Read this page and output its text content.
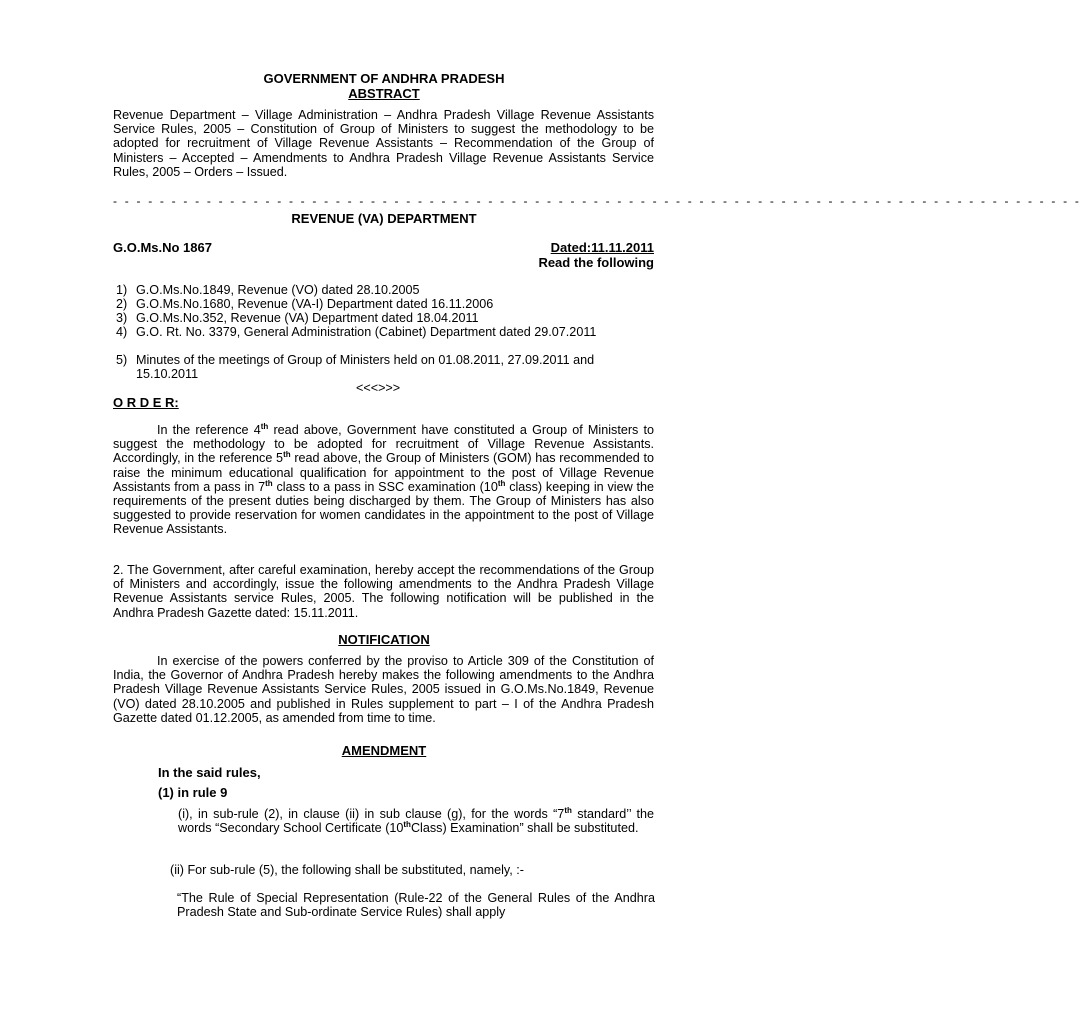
GOVERNMENT OF ANDHRA PRADESH
ABSTRACT
Revenue Department – Village Administration – Andhra Pradesh Village Revenue Assistants Service Rules, 2005 – Constitution of Group of Ministers to suggest the methodology to be adopted for recruitment of Village Revenue Assistants – Recommendation of the Group of Ministers – Accepted – Amendments to Andhra Pradesh Village Revenue Assistants Service Rules, 2005 – Orders – Issued.
- - - - - - - - - - - - - - - - - - - - - - - - - - - - - - - - - - - - - - - - - - - - - - - - - - - - - - - - - - - - - - - - - - - - - - - - - - - - - - - - - - -
REVENUE (VA) DEPARTMENT
G.O.Ms.No 1867	Dated:11.11.2011
Read the following
1) G.O.Ms.No.1849, Revenue (VO) dated 28.10.2005
2) G.O.Ms.No.1680, Revenue (VA-I) Department dated 16.11.2006
3) G.O.Ms.No.352, Revenue (VA) Department dated 18.04.2011
4) G.O. Rt. No. 3379, General Administration (Cabinet) Department dated 29.07.2011
5) Minutes of the meetings of Group of Ministers held on 01.08.2011, 27.09.2011 and 15.10.2011
<<<>>>
O R D E R:
In the reference 4th read above, Government have constituted a Group of Ministers to suggest the methodology to be adopted for recruitment of Village Revenue Assistants. Accordingly, in the reference 5th read above, the Group of Ministers (GOM) has recommended to raise the minimum educational qualification for appointment to the post of Village Revenue Assistants from a pass in 7th class to a pass in SSC examination (10th class) keeping in view the requirements of the present duties being discharged by them. The Group of Ministers has also suggested to provide reservation for women candidates in the appointment to the post of Village Revenue Assistants.
2. The Government, after careful examination, hereby accept the recommendations of the Group of Ministers and accordingly, issue the following amendments to the Andhra Pradesh Village Revenue Assistants service Rules, 2005. The following notification will be published in the Andhra Pradesh Gazette dated: 15.11.2011.
NOTIFICATION
In exercise of the powers conferred by the proviso to Article 309 of the Constitution of India, the Governor of Andhra Pradesh hereby makes the following amendments to the Andhra Pradesh Village Revenue Assistants Service Rules, 2005 issued in G.O.Ms.No.1849, Revenue (VO) dated 28.10.2005 and published in Rules supplement to part – I of the Andhra Pradesh Gazette dated 01.12.2005, as amended from time to time.
AMENDMENT
In the said rules,
(1) in rule 9
(i), in sub-rule (2), in clause (ii) in sub clause (g), for the words “7th standard’’ the words “Secondary School Certificate (10thClass) Examination” shall be substituted.
(ii) For sub-rule (5), the following shall be substituted, namely, :-
“The Rule of Special Representation (Rule-22 of the General Rules of the Andhra Pradesh State and Sub-ordinate Service Rules) shall apply
